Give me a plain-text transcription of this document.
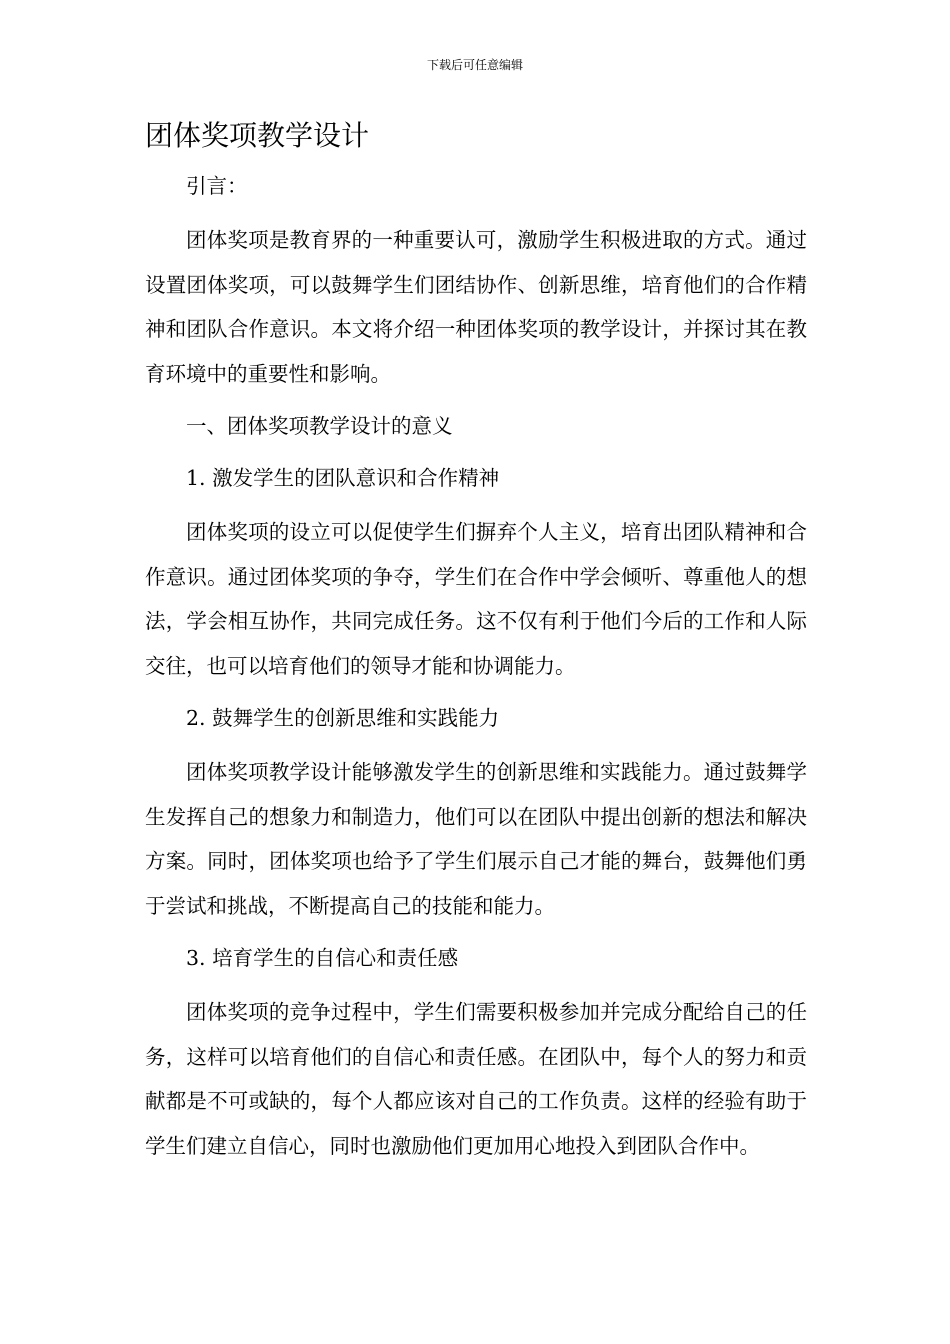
下载后可任意编辑
团体奖项教学设计

引言：

团体奖项是教育界的一种重要认可，激励学生积极进取的方式。通过设置团体奖项，可以鼓舞学生们团结协作、创新思维，培育他们的合作精神和团队合作意识。本文将介绍一种团体奖项的教学设计，并探讨其在教育环境中的重要性和影响。

一、团体奖项教学设计的意义

1. 激发学生的团队意识和合作精神

团体奖项的设立可以促使学生们摒弃个人主义，培育出团队精神和合作意识。通过团体奖项的争夺，学生们在合作中学会倾听、尊重他人的想法，学会相互协作，共同完成任务。这不仅有利于他们今后的工作和人际交往，也可以培育他们的领导才能和协调能力。

2. 鼓舞学生的创新思维和实践能力

团体奖项教学设计能够激发学生的创新思维和实践能力。通过鼓舞学生发挥自己的想象力和制造力，他们可以在团队中提出创新的想法和解决方案。同时，团体奖项也给予了学生们展示自己才能的舞台，鼓舞他们勇于尝试和挑战，不断提高自己的技能和能力。

3. 培育学生的自信心和责任感

团体奖项的竞争过程中，学生们需要积极参加并完成分配给自己的任务，这样可以培育他们的自信心和责任感。在团队中，每个人的努力和贡献都是不可或缺的，每个人都应该对自己的工作负责。这样的经验有助于学生们建立自信心，同时也激励他们更加用心地投入到团队合作中。
